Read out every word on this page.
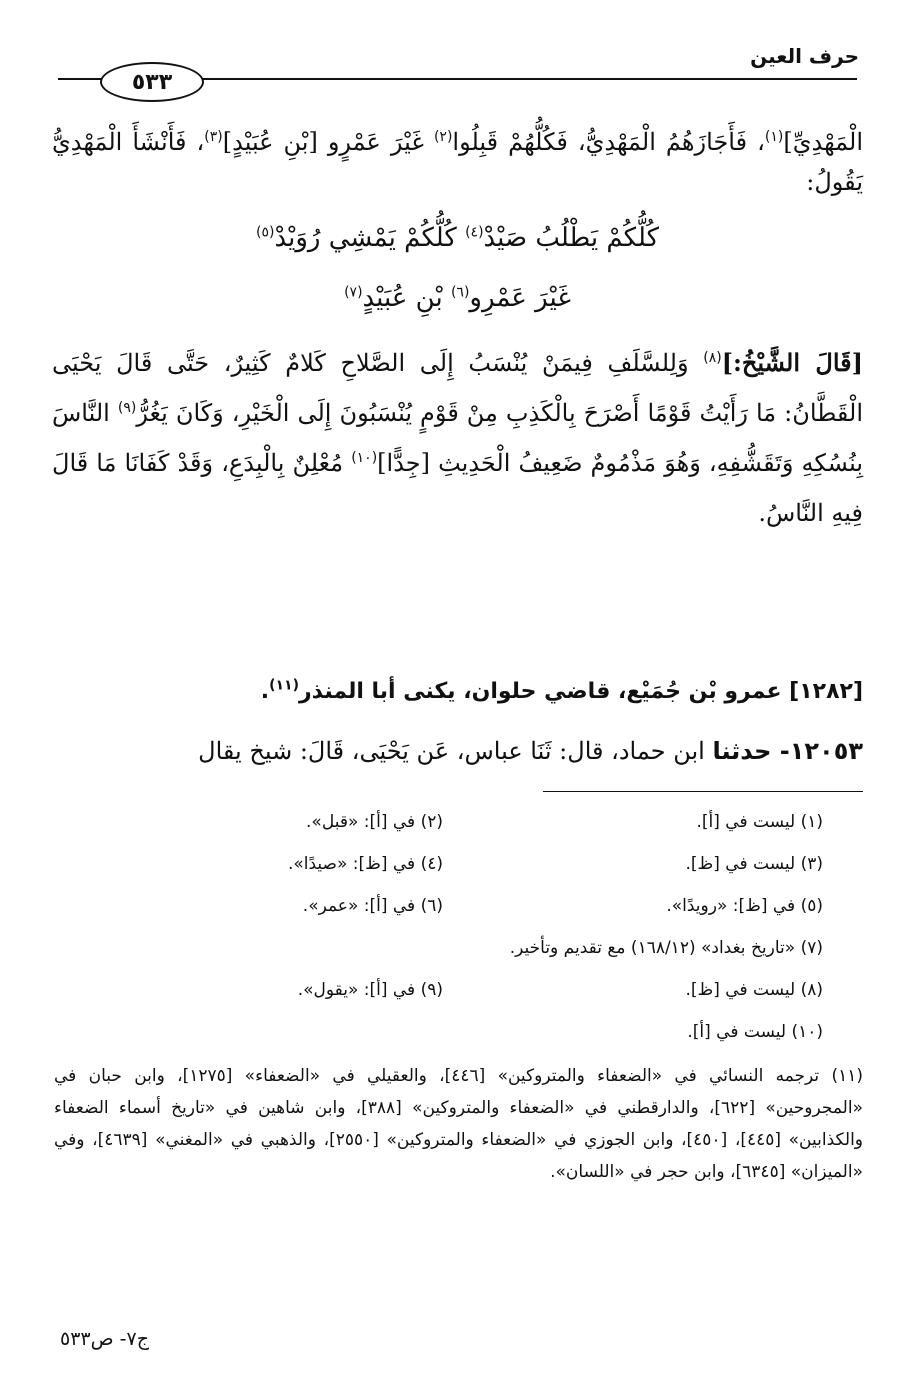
حرف العين
٥٣٣

الْمَهْدِيِّ]$^{(١)}$، فَأَجَازَهُمُ الْمَهْدِيُّ، فَكُلُّهُمْ قَبِلُوا$^{(٢)}$ غَيْرَ عَمْرٍو [بْنِ عُبَيْدٍ]$^{(٣)}$، فَأَنْشَأَ الْمَهْدِيُّ يَقُولُ:

كُلُّكُمْ يَطْلُبُ صَيْدْ$^{(٤)}$ كُلُّكُمْ يَمْشِي رُوَيْدْ$^{(٥)}$
غَيْرَ عَمْرِو$^{(٦)}$ بْنِ عُبَيْدٍ$^{(٧)}$

[قَالَ الشَّيْخُ:]$^{(٨)}$ وَلِلسَّلَفِ فِيمَنْ يُنْسَبُ إِلَى الصَّلاحِ كَلامٌ كَثِيرٌ، حَتَّى قَالَ يَحْيَى الْقَطَّانُ: مَا رَأَيْتُ قَوْمًا أَصْرَحَ بِالْكَذِبِ مِنْ قَوْمٍ يُنْسَبُونَ إِلَى الْخَيْرِ، وَكَانَ يَغُرُّ$^{(٩)}$ النَّاسَ بِنُسُكِهِ وَتَقَشُّفِهِ، وَهُوَ مَذْمُومٌ ضَعِيفُ الْحَدِيثِ [جِدًّا]$^{(١٠)}$ مُعْلِنٌ بِالْبِدَعِ، وَقَدْ كَفَانَا مَا قَالَ فِيهِ النَّاسُ.

[١٢٨٢] عمرو بْن جُمَيْع، قاضي حلوان، يكنى أبا المنذر$^{(١١)}$.
١٢٠٥٣- حدثنا ابن حماد، قال: ثَنَا عباس، عَن يَحْيَى، قَالَ: شيخ يقال
(١) ليست في [أ].
(٢) في [أ]: «قبل».
(٣) ليست في [ظ].
(٤) في [ظ]: «صيدًا».
(٥) في [ظ]: «رويدًا».
(٦) في [أ]: «عمر».
(٧) «تاريخ بغداد» (١٦٨/١٢) مع تقديم وتأخير.
(٨) ليست في [ظ].
(٩) في [أ]: «يقول».
(١٠) ليست في [أ].
(١١) ترجمه النسائي في «الضعفاء والمتروكين» [٤٤٦]، والعقيلي في «الضعفاء» [١٢٧٥]، وابن حبان في «المجروحين» [٦٢٢]، والدارقطني في «الضعفاء والمتروكين» [٣٨٨]، وابن شاهين في «تاريخ أسماء الضعفاء والكذابين» [٤٤٥]، [٤٥٠]، وابن الجوزي في «الضعفاء والمتروكين» [٢٥٥٠]، والذهبي في «المغني» [٤٦٣٩]، وفي «الميزان» [٦٣٤٥]، وابن حجر في «اللسان».
ج٧- ص٥٣٣
